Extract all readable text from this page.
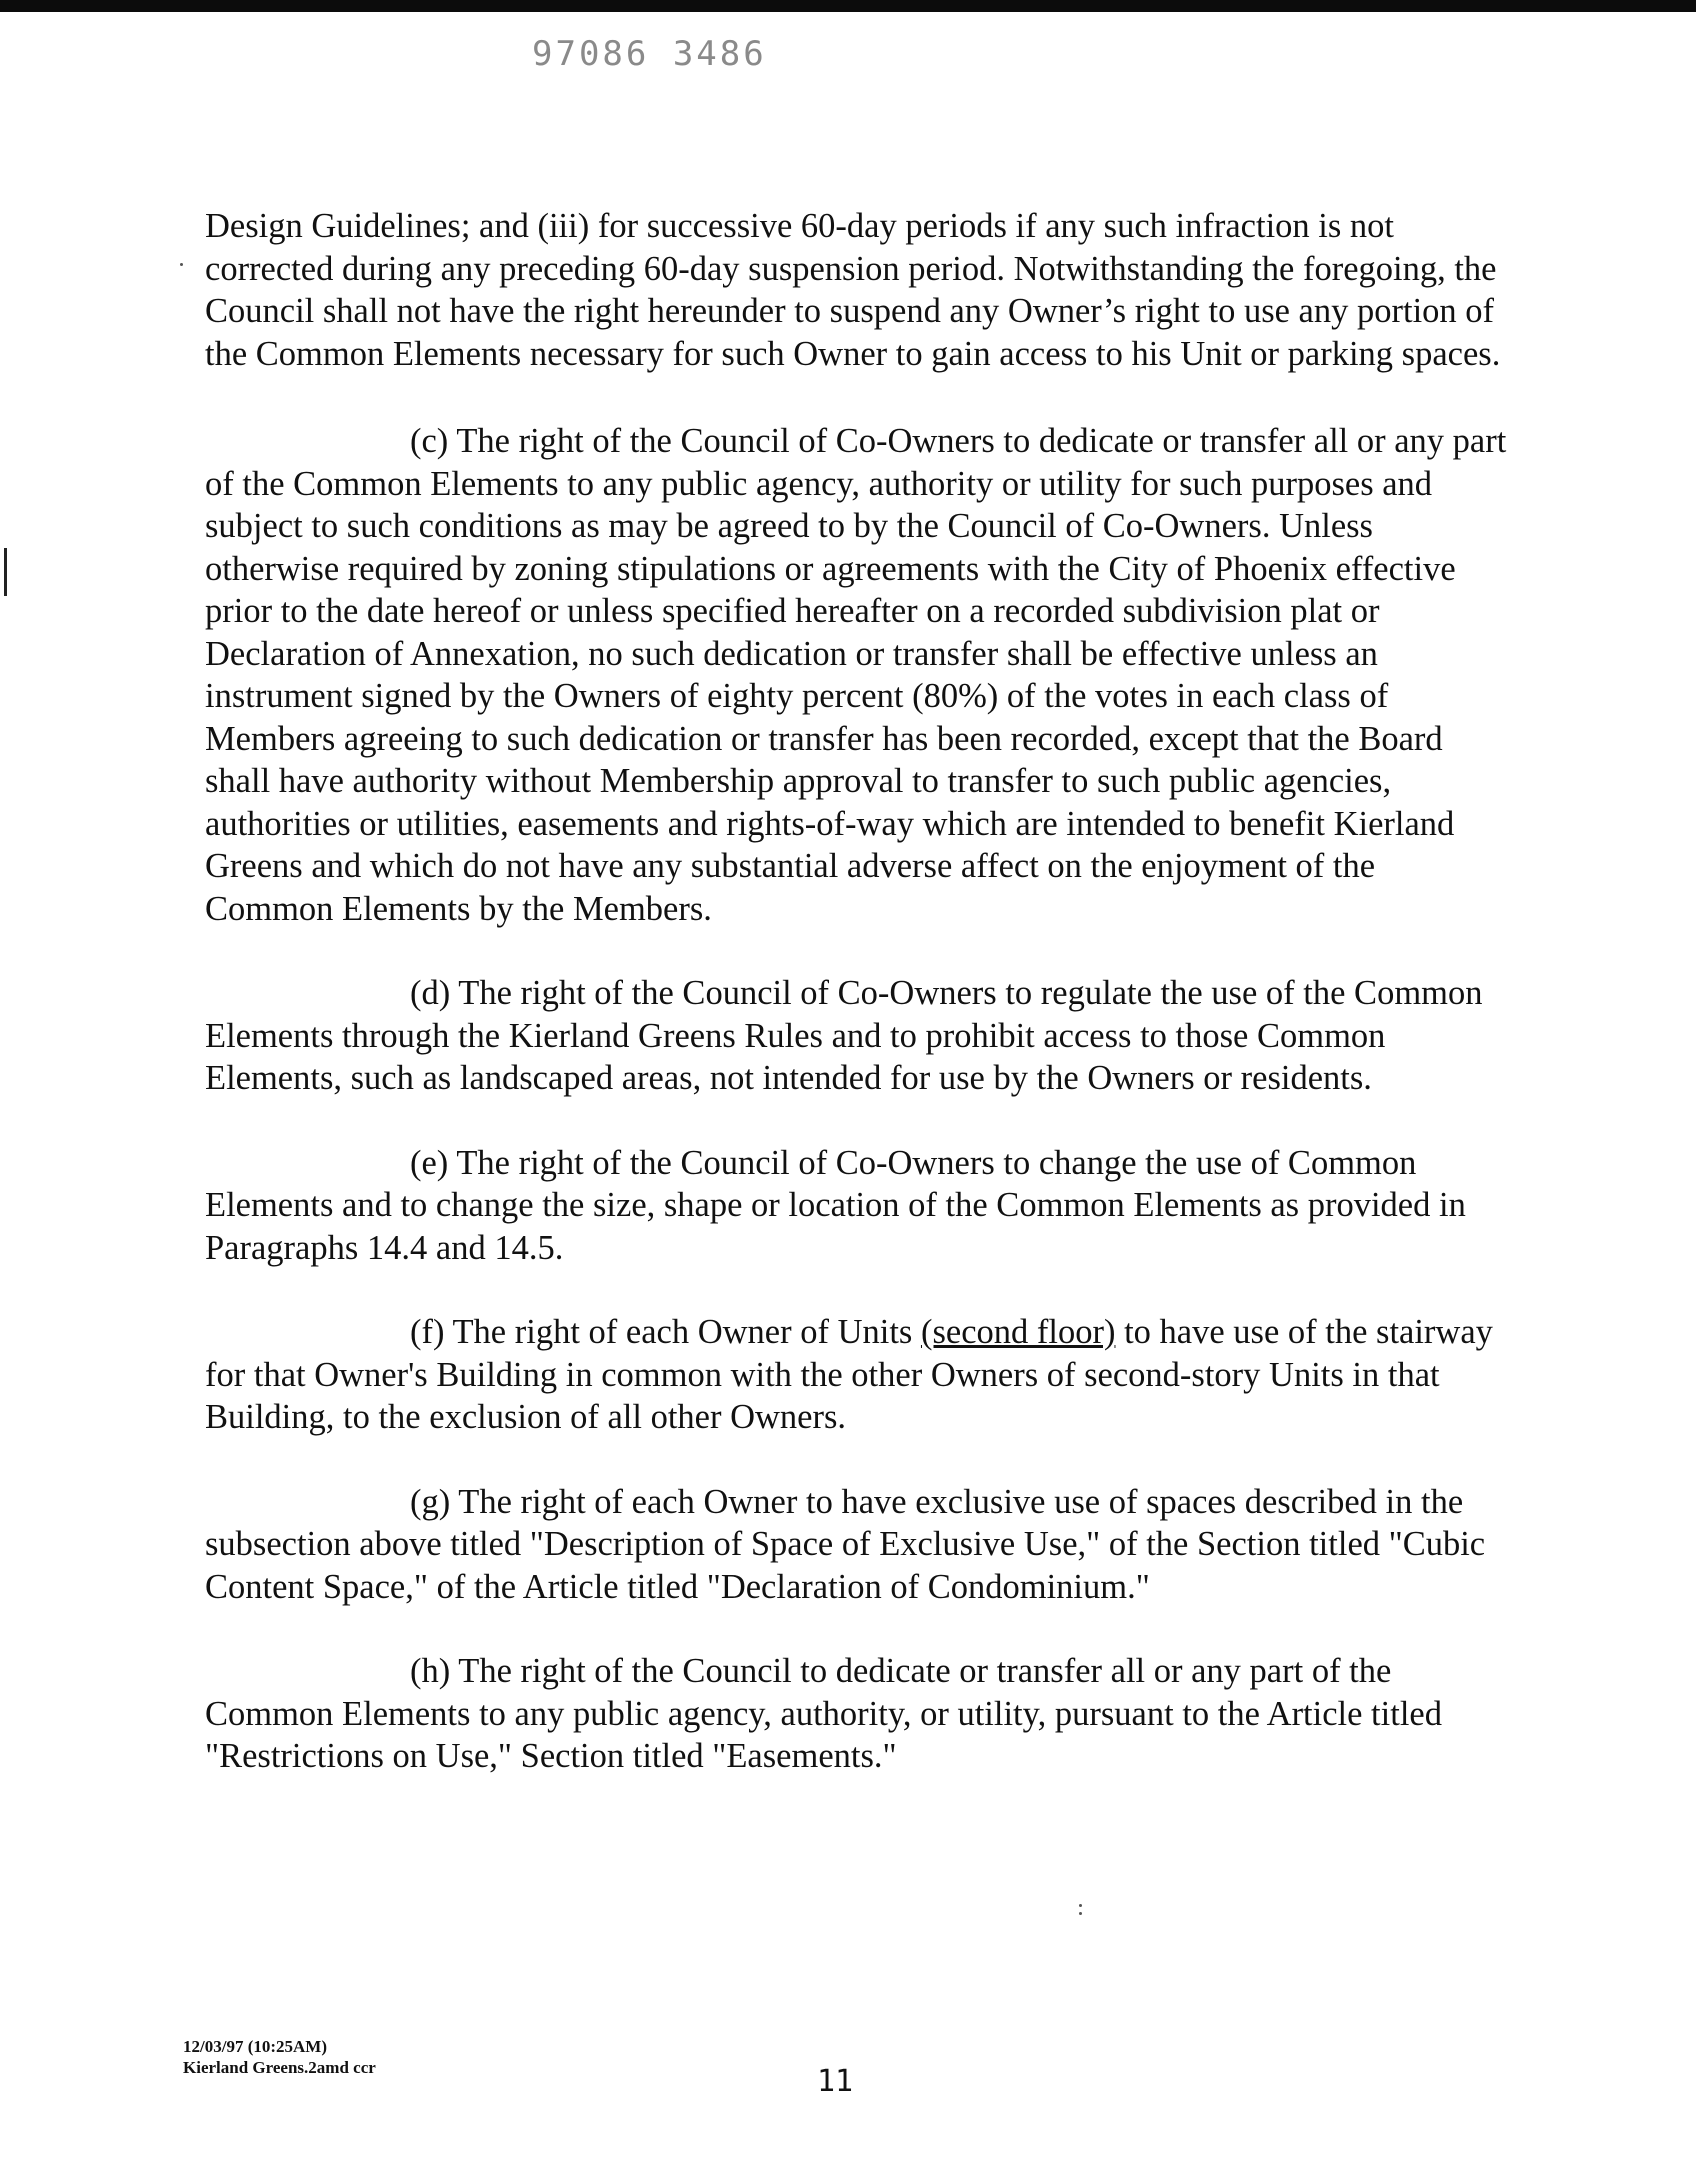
97086 3486

Design Guidelines; and (iii) for successive 60-day periods if any such infraction is not corrected during any preceding 60-day suspension period. Notwithstanding the foregoing, the Council shall not have the right hereunder to suspend any Owner’s right to use any portion of the Common Elements necessary for such Owner to gain access to his Unit or parking spaces.

(c) The right of the Council of Co-Owners to dedicate or transfer all or any part of the Common Elements to any public agency, authority or utility for such purposes and subject to such conditions as may be agreed to by the Council of Co-Owners. Unless otherwise required by zoning stipulations or agreements with the City of Phoenix effective prior to the date hereof or unless specified hereafter on a recorded subdivision plat or Declaration of Annexation, no such dedication or transfer shall be effective unless an instrument signed by the Owners of eighty percent (80%) of the votes in each class of Members agreeing to such dedication or transfer has been recorded, except that the Board shall have authority without Membership approval to transfer to such public agencies, authorities or utilities, easements and rights-of-way which are intended to benefit Kierland Greens and which do not have any substantial adverse affect on the enjoyment of the Common Elements by the Members.

(d) The right of the Council of Co-Owners to regulate the use of the Common Elements through the Kierland Greens Rules and to prohibit access to those Common Elements, such as landscaped areas, not intended for use by the Owners or residents.

(e) The right of the Council of Co-Owners to change the use of Common Elements and to change the size, shape or location of the Common Elements as provided in Paragraphs 14.4 and 14.5.

(f) The right of each Owner of Units (second floor) to have use of the stairway for that Owner's Building in common with the other Owners of second-story Units in that Building, to the exclusion of all other Owners.

(g) The right of each Owner to have exclusive use of spaces described in the subsection above titled "Description of Space of Exclusive Use," of the Section titled "Cubic Content Space," of the Article titled "Declaration of Condominium."

(h) The right of the Council to dedicate or transfer all or any part of the Common Elements to any public agency, authority, or utility, pursuant to the Article titled "Restrictions on Use," Section titled "Easements."

12/03/97 (10:25AM)
Kierland Greens.2amd ccr	11
